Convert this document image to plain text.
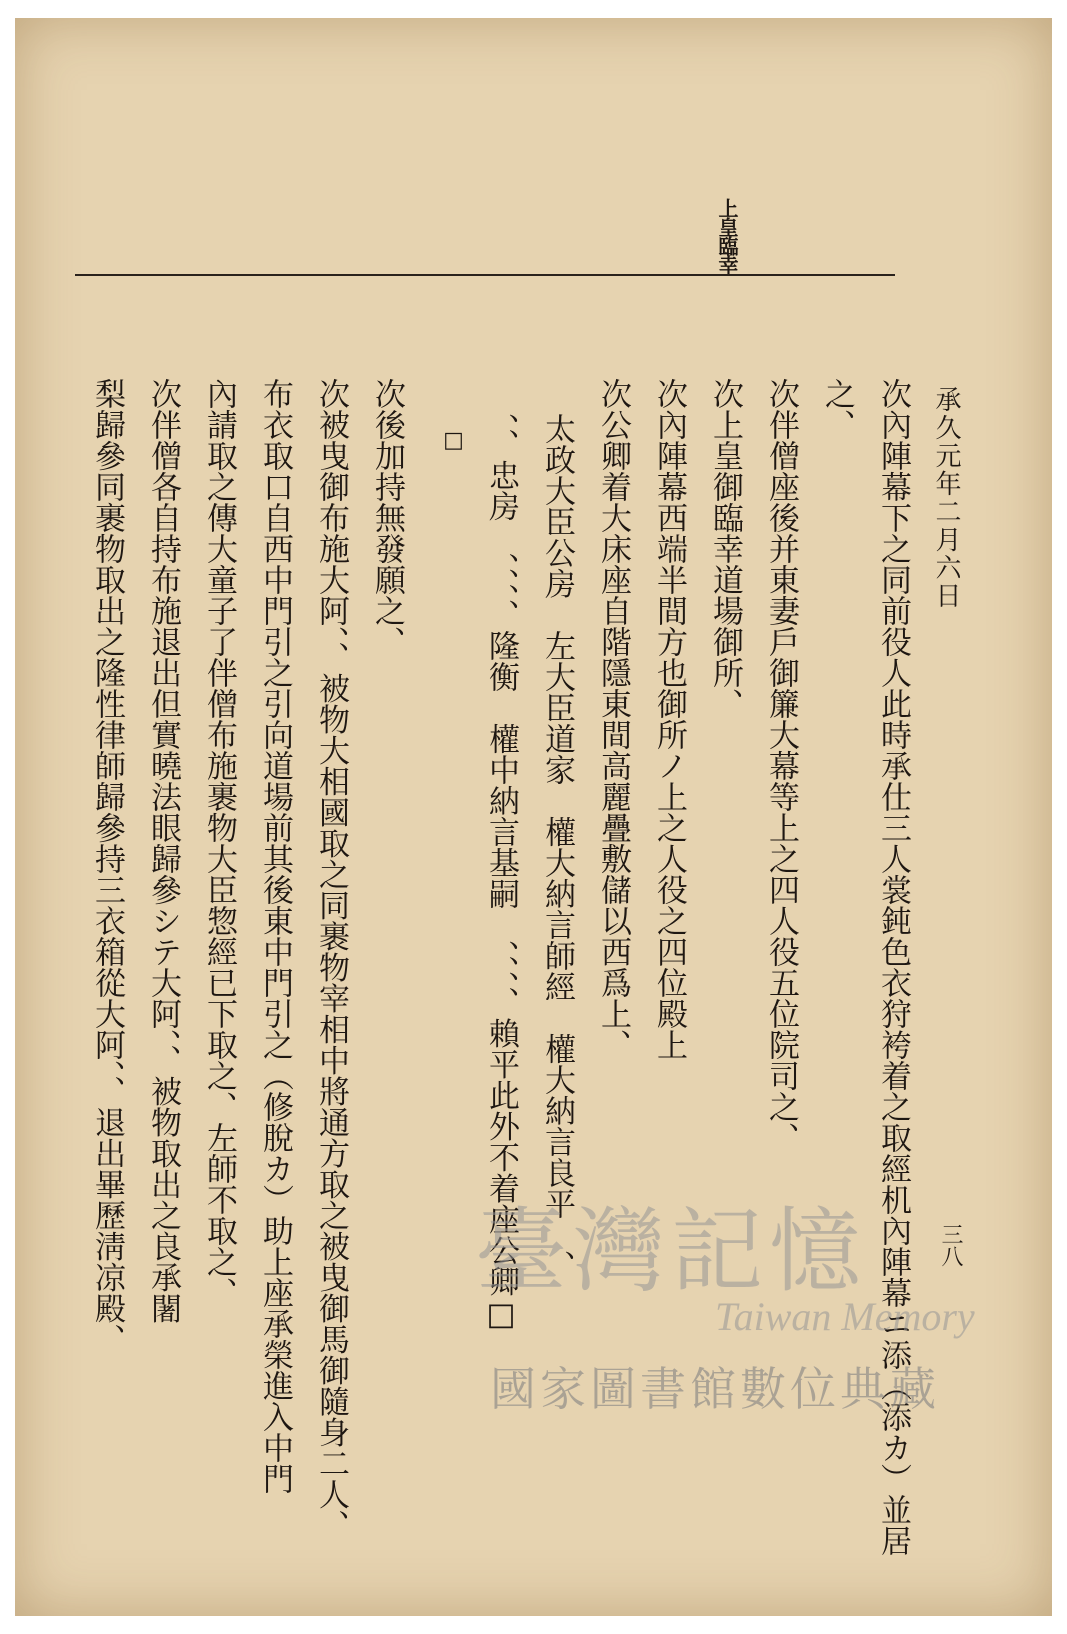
上皇臨幸
承久元年二月六日
次內陣幕下之同前役人此時承仕三人裳鈍色衣狩袴着之取經机內陣幕ニ添（添カ）並居
之、
次伴僧座後并東妻戶御簾大幕等上之四人役五位院司之、
次上皇御臨幸道場御所、
次內陣幕西端半間方也御所ノ上之人役之四位殿上
次公卿着大床座自階隱東間高麗疊敷儲以西爲上、
太政大臣公房　左大臣道家　權大納言師經　權大納言良平　、
、、忠房　、、、、隆衡　權中納言基嗣　、、、、賴平此外不着座公卿□
□
次後加持無發願之、
次被曳御布施大阿、、被物大相國取之同裹物宰相中將通方取之被曳御馬御隨身二人、
布衣取口自西中門引之引向道場前其後東中門引之（修脫カ）助上座承榮進入中門
內請取之傳大童子了伴僧布施裹物大臣惣經已下取之、左師不取之、
次伴僧各自持布施退出但實曉法眼歸參シテ大阿、、被物取出之良承闍
梨歸參同裹物取出之隆性律師歸參持三衣箱從大阿、、退出畢歷淸凉殿、	三八
臺灣記憶
Taiwan Memory
國家圖書館數位典藏
